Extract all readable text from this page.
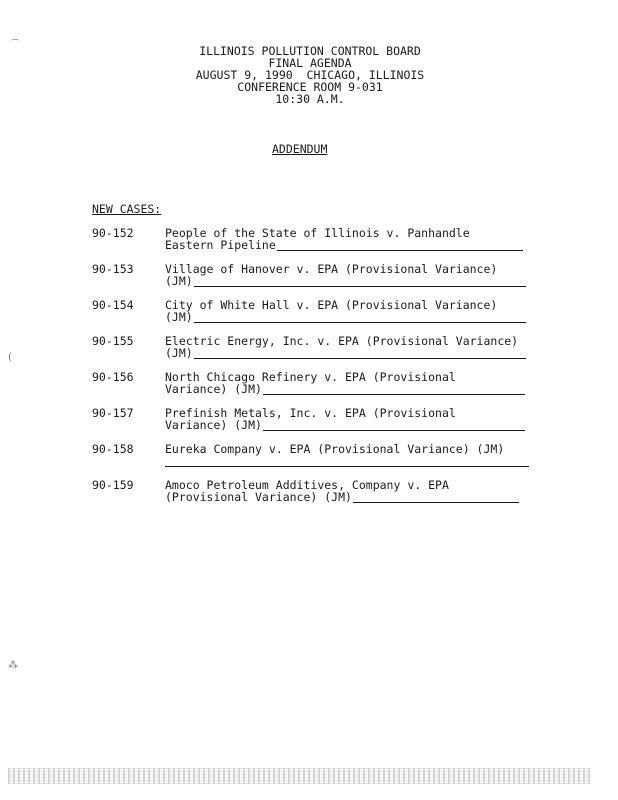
⌒
(
⁂
ILLINOIS POLLUTION CONTROL BOARD
FINAL AGENDA
AUGUST 9, 1990  CHICAGO, ILLINOIS
CONFERENCE ROOM 9-031
10:30 A.M.
ADDENDUM
NEW CASES:
90-152	People of the State of Illinois v. Panhandle
Eastern Pipeline
90-153	Village of Hanover v. EPA (Provisional Variance)
(JM)
90-154	City of White Hall v. EPA (Provisional Variance)
(JM)
90-155	Electric Energy, Inc. v. EPA (Provisional Variance)
(JM)
90-156	North Chicago Refinery v. EPA (Provisional
Variance) (JM)
90-157	Prefinish Metals, Inc. v. EPA (Provisional
Variance) (JM)
90-158	Eureka Company v. EPA (Provisional Variance) (JM)
90-159	Amoco Petroleum Additives, Company v. EPA
(Provisional Variance) (JM)
